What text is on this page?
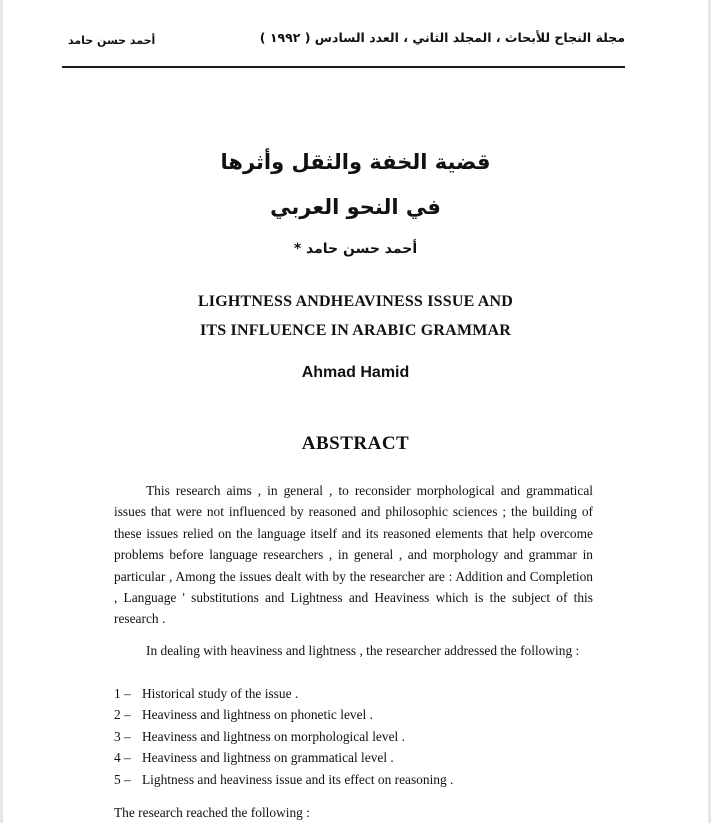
مجلة النجاح للأبحاث ، المجلد الثاني ، العدد السادس ( ١٩٩٢ )
أحمد حسن حامد
قضية الخفة والثقل وأثرها
في النحو العربي
أحمد حسن حامد *
LIGHTNESS ANDHEAVINESS ISSUE AND
ITS INFLUENCE IN ARABIC GRAMMAR
Ahmad Hamid
ABSTRACT
This research aims , in general , to reconsider morphological and grammatical issues that were not influenced by reasoned and philosophic sciences ; the building of these issues relied on the language itself and its reasoned elements that help overcome problems before language researchers , in general , and morphology and grammar in particular , Among the issues dealt with by the researcher are : Addition and Completion , Language ' substitutions and Lightness and Heaviness which is the subject of this research .
In dealing with heaviness and lightness , the researcher addressed the following :
1 – Historical study of the issue .
2 – Heaviness and lightness on phonetic level .
3 – Heaviness and lightness on morphological level .
4 – Heaviness and lightness on grammatical level .
5 – Lightness and heaviness issue and its effect on reasoning .
The research reached the following :
